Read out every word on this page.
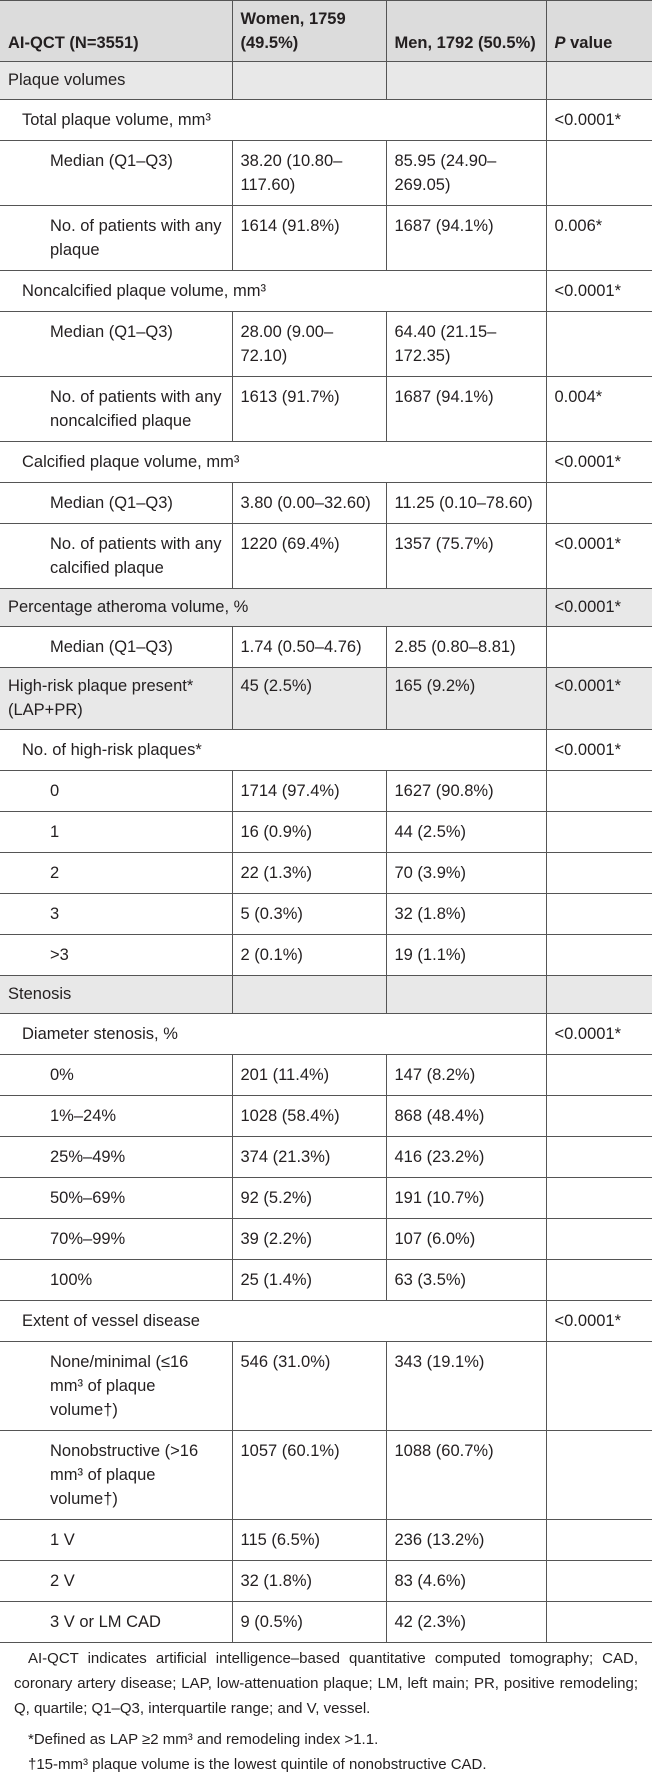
AI-QCT (N=3551)	Women, 1759 (49.5%)	Men, 1792 (50.5%)	P value
Plaque volumes			
Total plaque volume, mm³			<0.0001*
Median (Q1–Q3)	38.20 (10.80–117.60)	85.95 (24.90–269.05)	
No. of patients with any plaque	1614 (91.8%)	1687 (94.1%)	0.006*
Noncalcified plaque volume, mm³			<0.0001*
Median (Q1–Q3)	28.00 (9.00–72.10)	64.40 (21.15–172.35)	
No. of patients with any noncalcified plaque	1613 (91.7%)	1687 (94.1%)	0.004*
Calcified plaque volume, mm³			<0.0001*
Median (Q1–Q3)	3.80 (0.00–32.60)	11.25 (0.10–78.60)	
No. of patients with any calcified plaque	1220 (69.4%)	1357 (75.7%)	<0.0001*
Percentage atheroma volume, %			<0.0001*
Median (Q1–Q3)	1.74 (0.50–4.76)	2.85 (0.80–8.81)	
High-risk plaque present* (LAP+PR)	45 (2.5%)	165 (9.2%)	<0.0001*
No. of high-risk plaques*			<0.0001*
0	1714 (97.4%)	1627 (90.8%)	
1	16 (0.9%)	44 (2.5%)	
2	22 (1.3%)	70 (3.9%)	
3	5 (0.3%)	32 (1.8%)	
>3	2 (0.1%)	19 (1.1%)	
Stenosis			
Diameter stenosis, %			<0.0001*
0%	201 (11.4%)	147 (8.2%)	
1%–24%	1028 (58.4%)	868 (48.4%)	
25%–49%	374 (21.3%)	416 (23.2%)	
50%–69%	92 (5.2%)	191 (10.7%)	
70%–99%	39 (2.2%)	107 (6.0%)	
100%	25 (1.4%)	63 (3.5%)	
Extent of vessel disease			<0.0001*
None/minimal (≤16 mm³ of plaque volume†)	546 (31.0%)	343 (19.1%)	
Nonobstructive (>16 mm³ of plaque volume†)	1057 (60.1%)	1088 (60.7%)	
1 V	115 (6.5%)	236 (13.2%)	
2 V	32 (1.8%)	83 (4.6%)	
3 V or LM CAD	9 (0.5%)	42 (2.3%)	

AI-QCT indicates artificial intelligence–based quantitative computed tomography; CAD, coronary artery disease; LAP, low-attenuation plaque; LM, left main; PR, positive remodeling; Q, quartile; Q1–Q3, interquartile range; and V, vessel.

*Defined as LAP ≥2 mm³ and remodeling index >1.1.

†15-mm³ plaque volume is the lowest quintile of nonobstructive CAD.
